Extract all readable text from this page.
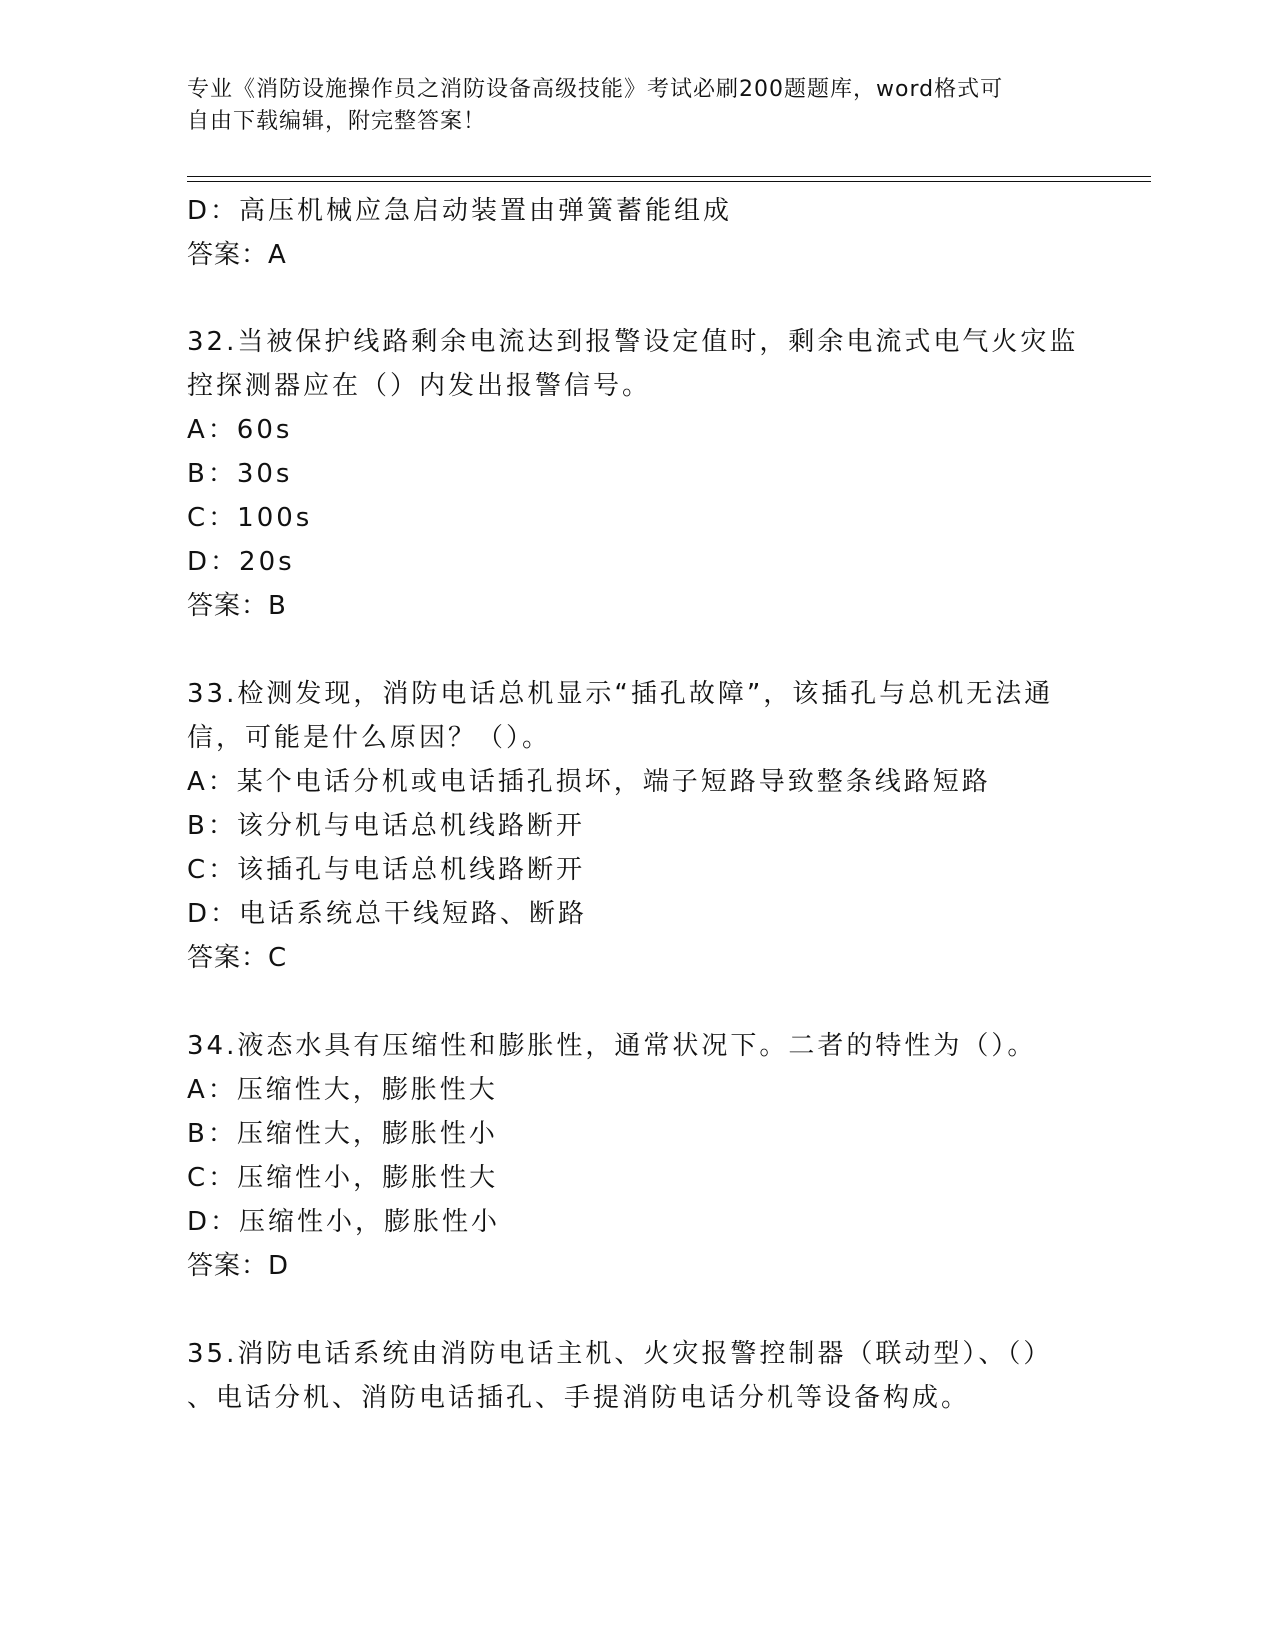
专业《消防设施操作员之消防设备高级技能》考试必刷200题题库，word格式可
自由下载编辑，附完整答案！
D：高压机械应急启动装置由弹簧蓄能组成
答案：A
32.当被保护线路剩余电流达到报警设定值时，剩余电流式电气火灾监
控探测器应在（）内发出报警信号。
A：60s
B：30s
C：100s
D：20s
答案：B
33.检测发现，消防电话总机显示“插孔故障”，该插孔与总机无法通
信，可能是什么原因？（）。
A：某个电话分机或电话插孔损坏，端子短路导致整条线路短路
B：该分机与电话总机线路断开
C：该插孔与电话总机线路断开
D：电话系统总干线短路、断路
答案：C
34.液态水具有压缩性和膨胀性，通常状况下。二者的特性为（）。
A：压缩性大，膨胀性大
B：压缩性大，膨胀性小
C：压缩性小，膨胀性大
D：压缩性小，膨胀性小
答案：D
35.消防电话系统由消防电话主机、火灾报警控制器（联动型）、（）
、电话分机、消防电话插孔、手提消防电话分机等设备构成。
